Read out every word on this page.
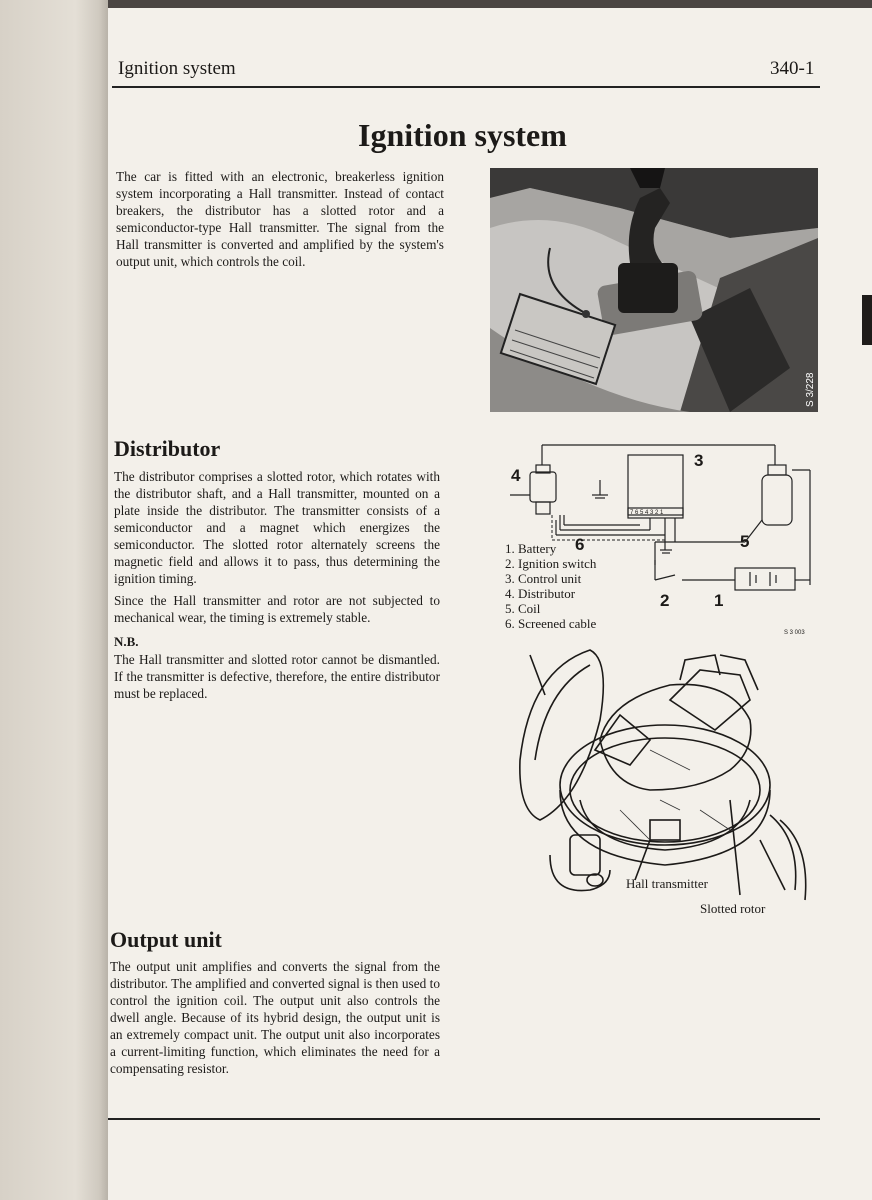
Ignition system	340-1
Ignition system

The car is fitted with an electronic, breakerless ignition system incorporating a Hall transmitter. Instead of contact breakers, the distributor has a slotted rotor and a semiconductor-type Hall transmitter. The signal from the Hall transmitter is converted and amplified by the system's output unit, which controls the coil.

S 3/228
Distributor

The distributor comprises a slotted rotor, which rotates with the distributor shaft, and a Hall transmitter, mounted on a plate inside the distributor. The transmitter consists of a semiconductor and a magnet which energizes the semiconductor. The slotted rotor alternately screens the magnetic field and allows it to pass, thus determining the ignition timing.

Since the Hall transmitter and rotor are not subjected to mechanical wear, the timing is extremely stable.

N.B.

The Hall transmitter and slotted rotor cannot be dismantled. If the transmitter is defective, therefore, the entire distributor must be replaced.

4
3
5
6
2	1
7 6 5 4 3 2 1
1. Battery
2. Ignition switch
3. Control unit
4. Distributor
5. Coil
6. Screened cable
S 3 003
Hall transmitter
Slotted rotor
Output unit

The output unit amplifies and converts the signal from the distributor. The amplified and converted signal is then used to control the ignition coil. The output unit also controls the dwell angle. Because of its hybrid design, the output unit is an extremely compact unit. The output unit also incorporates a current-limiting function, which eliminates the need for a compensating resistor.
